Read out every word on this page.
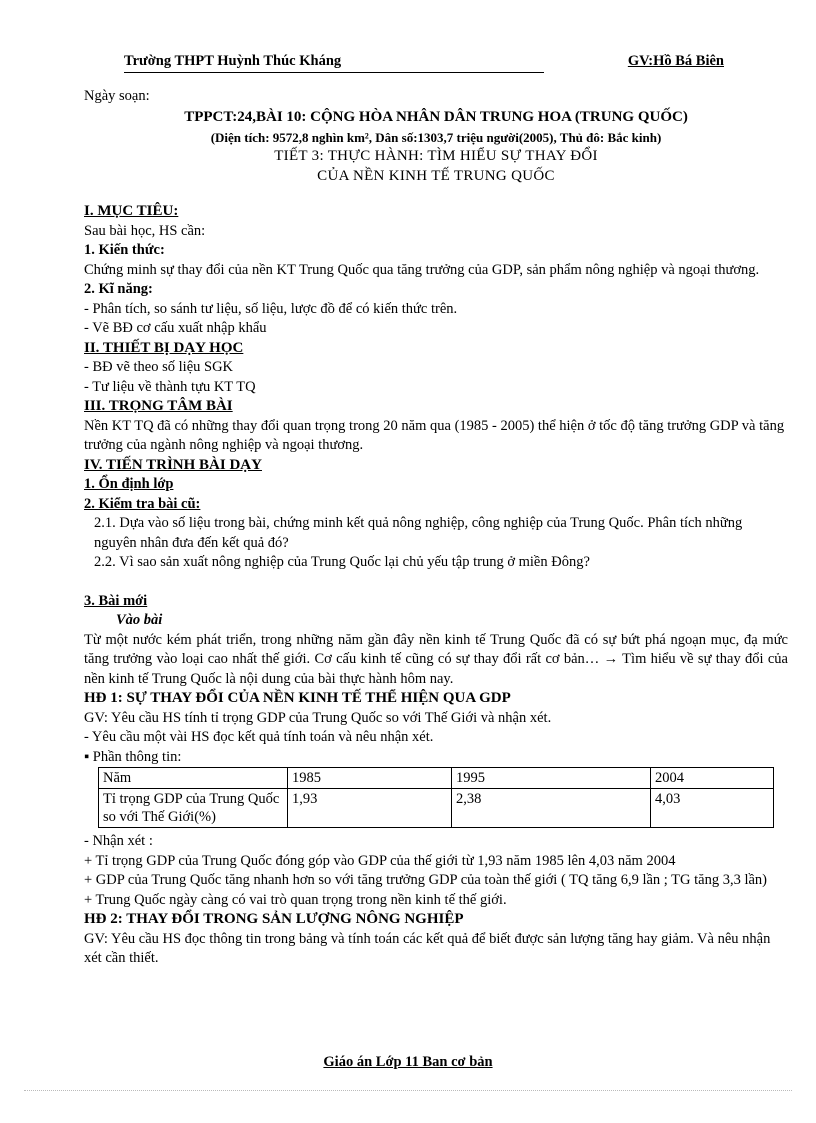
Trường THPT Huỳnh Thúc Kháng	GV:Hồ Bá Biên

Ngày soạn:

TPPCT:24,BÀI 10: CỘNG HÒA NHÂN DÂN TRUNG HOA (TRUNG QUỐC)

(Diện tích: 9572,8 nghìn km², Dân số:1303,7 triệu người(2005), Thủ đô: Bắc kinh)

TIẾT 3: THỰC HÀNH: TÌM HIỂU SỰ THAY ĐỔI

CỦA NỀN KINH TẾ TRUNG QUỐC

I. MỤC TIÊU:

Sau bài học, HS cần:

1. Kiến thức:

Chứng minh sự thay đổi của nền KT Trung Quốc qua tăng trưởng của GDP, sản phẩm nông nghiệp và ngoại thương.

2. Kĩ năng:

- Phân tích, so sánh tư liệu, số liệu, lược đồ để có kiến thức trên.

- Vẽ BĐ cơ cấu xuất nhập khẩu

II. THIẾT BỊ DẠY HỌC

- BĐ vẽ theo số liệu SGK

- Tư liệu về thành tựu KT TQ

III. TRỌNG TÂM BÀI

Nền KT TQ đã có những thay đổi quan trọng trong 20 năm qua (1985 - 2005) thể hiện ở tốc độ tăng trưởng GDP và tăng trưởng của ngành nông nghiệp và ngoại thương.

IV. TIẾN TRÌNH BÀI DẠY

1. Ổn định lớp

2. Kiểm tra bài cũ:

2.1. Dựa vào số liệu trong bài, chứng minh kết quả nông nghiệp, công nghiệp của Trung Quốc. Phân tích những nguyên nhân đưa đến kết quả đó?

2.2. Vì sao sản xuất nông nghiệp của Trung Quốc lại chủ yếu tập trung ở miền Đông?

3. Bài mới

Vào bài

Từ một nước kém phát triển, trong những năm gần đây nền kinh tế Trung Quốc đã có sự bứt phá ngoạn mục, đạ mức tăng trưởng vào loại cao nhất thế giới. Cơ cấu kinh tế cũng có sự thay đổi rất cơ bản… → Tìm hiểu về sự thay đổi của nền kinh tế Trung Quốc là nội dung của bài thực hành hôm nay.

HĐ 1: SỰ THAY ĐỔI CỦA NỀN KINH TẾ THỂ HIỆN QUA GDP

GV: Yêu cầu HS tính tỉ trọng GDP của Trung Quốc so với Thế Giới và nhận xét.

- Yêu cầu một vài HS đọc kết quả tính toán và nêu nhận xét.

▪ Phần thông tin:

Năm	1985	1995	2004
Tỉ trọng GDP của Trung Quốc so với Thế Giới(%)	1,93	2,38	4,03

- Nhận xét :

+ Tỉ trọng GDP của Trung Quốc đóng góp vào GDP của thế giới từ 1,93 năm 1985 lên 4,03 năm 2004

+ GDP của Trung Quốc tăng nhanh hơn so với tăng trưởng GDP của toàn thế giới ( TQ tăng 6,9 lần ; TG tăng 3,3 lần)

+ Trung Quốc ngày càng có vai trò quan trọng trong nền kinh tế thế giới.

HĐ 2: THAY ĐỔI TRONG SẢN LƯỢNG NÔNG NGHIỆP

GV: Yêu cầu HS đọc thông tin trong bảng và tính toán các kết quả để biết được sản lượng tăng hay giảm. Và nêu nhận xét cần thiết.

Giáo án Lớp 11 Ban cơ bản
